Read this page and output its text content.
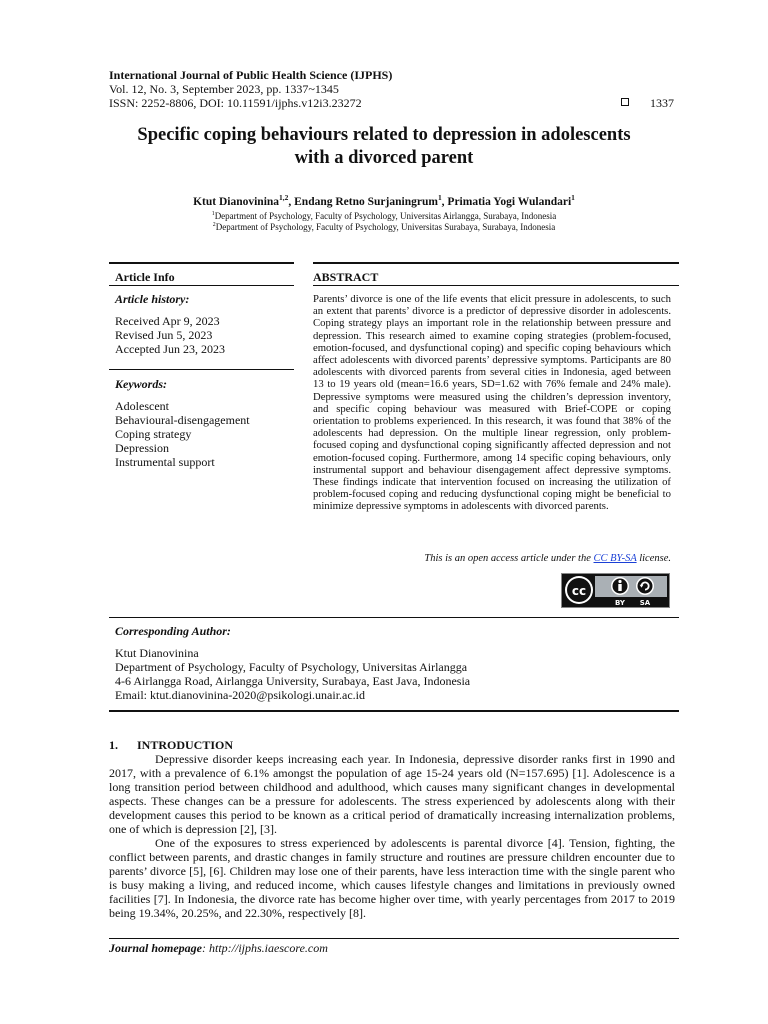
International Journal of Public Health Science (IJPHS)
Vol. 12, No. 3, September 2023, pp. 1337~1345
ISSN: 2252-8806, DOI: 10.11591/ijphs.v12i3.23272	1337
Specific coping behaviours related to depression in adolescents
with a divorced parent
Ktut Dianovinina$^{1,2}$, Endang Retno Surjaningrum$^1$, Primatia Yogi Wulandari$^1$
$^1$Department of Psychology, Faculty of Psychology, Universitas Airlangga, Surabaya, Indonesia
$^2$Department of Psychology, Faculty of Psychology, Universitas Surabaya, Surabaya, Indonesia
Article Info	ABSTRACT
Article history:
Received Apr 9, 2023
Revised Jun 5, 2023
Accepted Jun 23, 2023
Keywords:
Adolescent
Behavioural-disengagement
Coping strategy
Depression
Instrumental support
Parents’ divorce is one of the life events that elicit pressure in adolescents, to such an extent that parents’ divorce is a predictor of depressive disorder in adolescents. Coping strategy plays an important role in the relationship between pressure and depression. This research aimed to examine coping strategies (problem-focused, emotion-focused, and dysfunctional coping) and specific coping behaviours which affect adolescents with divorced parents’ depressive symptoms. Participants are 80 adolescents with divorced parents from several cities in Indonesia, aged between 13 to 19 years old (mean=16.6 years, SD=1.62 with 76% female and 24% male). Depressive symptoms were measured using the children’s depression inventory, and specific coping behaviour was measured with Brief-COPE or coping orientation to problems experienced. In this research, it was found that 38% of the adolescents had depression. On the multiple linear regression, only problem-focused coping and dysfunctional coping significantly affected depression and not emotion-focused coping. Furthermore, among 14 specific coping behaviours, only instrumental support and behaviour disengagement affect depressive symptoms. These findings indicate that intervention focused on increasing the utilization of problem-focused coping and reducing dysfunctional coping might be beneficial to minimize depressive symptoms in adolescents with divorced parents.
This is an open access article under the CC BY-SA license.
cc
BY SA
Corresponding Author:
Ktut Dianovinina
Department of Psychology, Faculty of Psychology, Universitas Airlangga
4-6 Airlangga Road, Airlangga University, Surabaya, East Java, Indonesia
Email: ktut.dianovinina-2020@psikologi.unair.ac.id
1. INTRODUCTION

Depressive disorder keeps increasing each year. In Indonesia, depressive disorder ranks first in 1990 and 2017, with a prevalence of 6.1% amongst the population of age 15-24 years old (N=157.695) [1]. Adolescence is a long transition period between childhood and adulthood, which causes many significant changes in developmental aspects. These changes can be a pressure for adolescents. The stress experienced by adolescents along with their development causes this period to be known as a critical period of dramatically increasing internalization problems, one of which is depression [2], [3].

One of the exposures to stress experienced by adolescents is parental divorce [4]. Tension, fighting, the conflict between parents, and drastic changes in family structure and routines are pressure children encounter due to parents’ divorce [5], [6]. Children may lose one of their parents, have less interaction time with the single parent who is busy making a living, and reduced income, which causes lifestyle changes and limitations in previously owned facilities [7]. In Indonesia, the divorce rate has become higher over time, with yearly percentages from 2017 to 2019 being 19.34%, 20.25%, and 22.30%, respectively [8].

Journal homepage: http://ijphs.iaescore.com
